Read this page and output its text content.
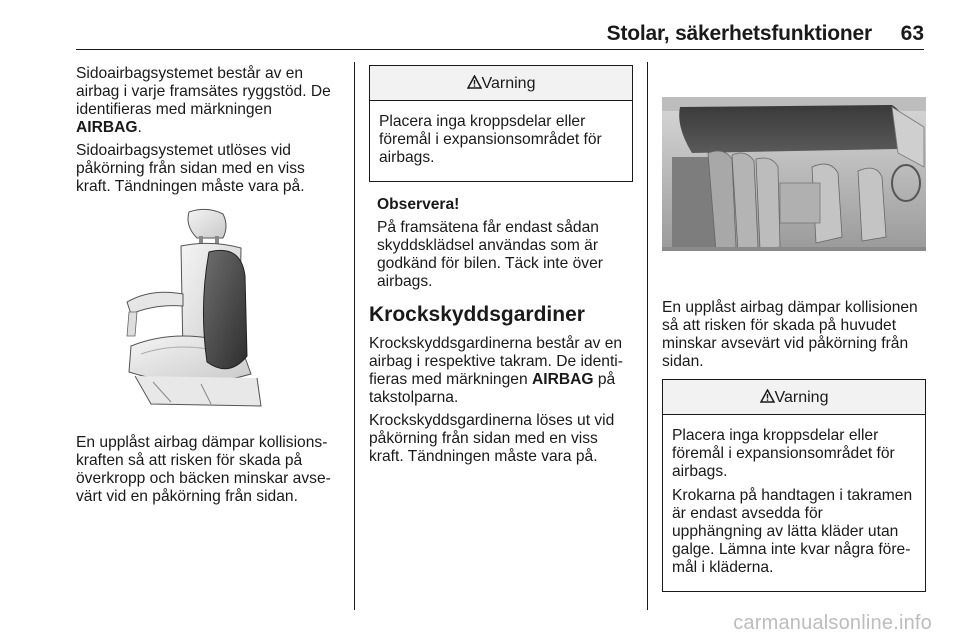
Stolar, säkerhetsfunktioner	63

Sidoairbagsystemet består av en airbag i varje framsätes ryggstöd. De identifieras med märkningen AIRBAG.

Sidoairbagsystemet utlöses vid påkörning från sidan med en viss kraft. Tändningen måste vara på.

En upplåst airbag dämpar kollisionskraften så att risken för skada på överkropp och bäcken minskar avsevärt vid en påkörning från sidan.

Varning

Placera inga kroppsdelar eller föremål i expansionsområdet för airbags.

Observera!

På framsätena får endast sådan skyddsklädsel användas som är godkänd för bilen. Täck inte över airbags.

Krockskyddsgardiner

Krockskyddsgardinerna består av en airbag i respektive takram. De identifieras med märkningen AIRBAG på takstolparna.

Krockskyddsgardinerna löses ut vid påkörning från sidan med en viss kraft. Tändningen måste vara på.

En upplåst airbag dämpar kollisionen så att risken för skada på huvudet minskar avsevärt vid påkörning från sidan.

Varning

Placera inga kroppsdelar eller föremål i expansionsområdet för airbags.

Krokarna på handtagen i takramen är endast avsedda för upphängning av lätta kläder utan galge. Lämna inte kvar några föremål i kläderna.

carmanualsonline.info
